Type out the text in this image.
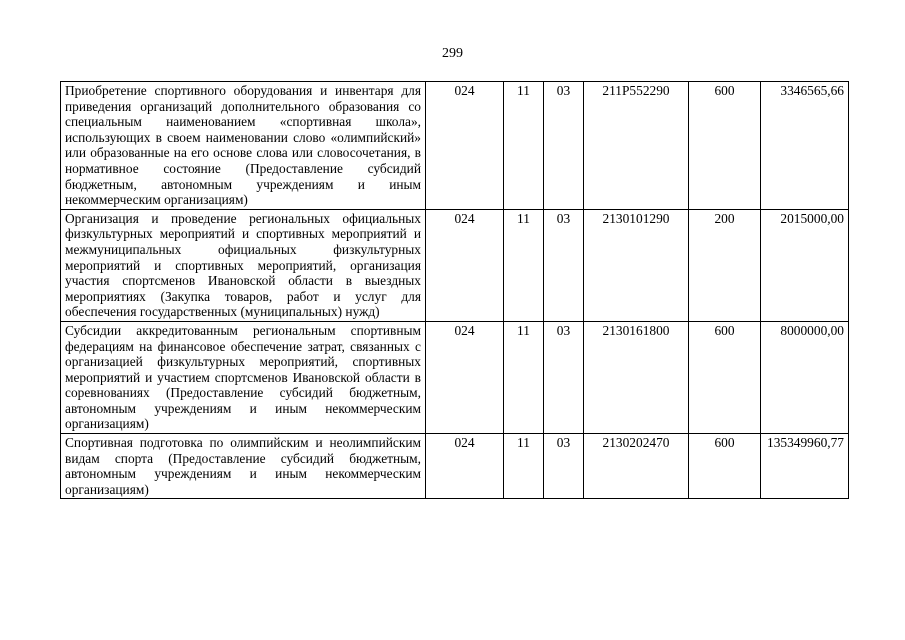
299
Приобретение спортивного оборудования и инвентаря для приведения организаций дополнительного образования со специальным наименованием «спортивная школа», использующих в своем наименовании слово «олимпийский» или образованные на его основе слова или словосочетания, в нормативное состояние (Предоставление субсидий бюджетным, автономным учреждениям и иным некоммерческим организациям)	024	11	03	211P552290	600	3346565,66
Организация и проведение региональных официальных физкультурных мероприятий и спортивных мероприятий и межмуниципальных официальных физкультурных мероприятий и спортивных мероприятий, организация участия спортсменов Ивановской области в выездных мероприятиях (Закупка товаров, работ и услуг для обеспечения государственных (муниципальных) нужд)	024	11	03	2130101290	200	2015000,00
Субсидии аккредитованным региональным спортивным федерациям на финансовое обеспечение затрат, связанных с организацией физкультурных мероприятий, спортивных мероприятий и участием спортсменов Ивановской области в соревнованиях (Предоставление субсидий бюджетным, автономным учреждениям и иным некоммерческим организациям)	024	11	03	2130161800	600	8000000,00
Спортивная подготовка по олимпийским и неолимпийским видам спорта (Предоставление субсидий бюджетным, автономным учреждениям и иным некоммерческим организациям)	024	11	03	2130202470	600	135349960,77
